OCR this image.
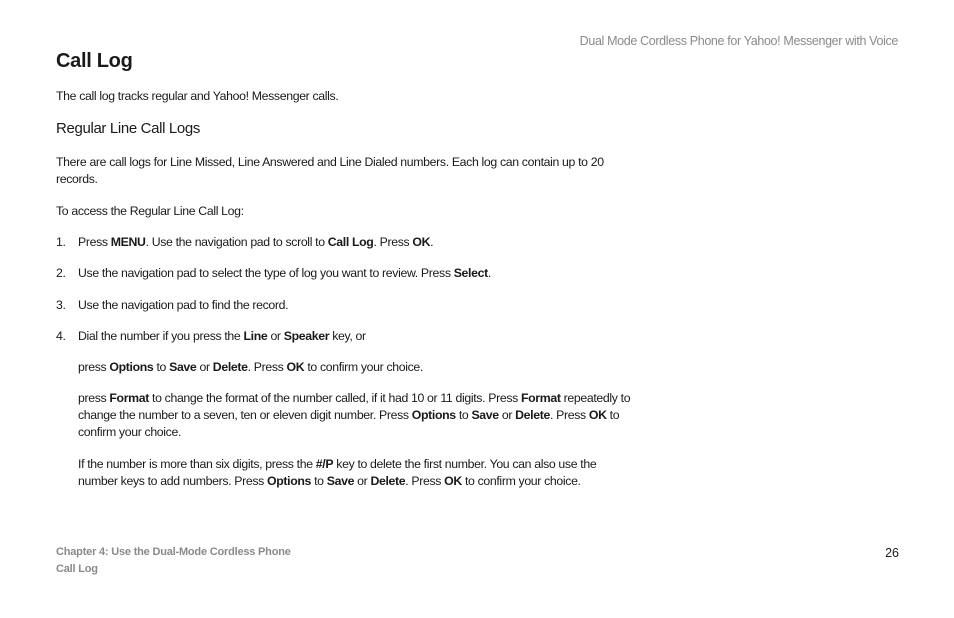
Dual Mode Cordless Phone for Yahoo! Messenger with Voice
Call Log

The call log tracks regular and Yahoo! Messenger calls.

Regular Line Call Logs

There are call logs for Line Missed, Line Answered and Line Dialed numbers. Each log can contain up to 20 records.

To access the Regular Line Call Log:

1. Press MENU. Use the navigation pad to scroll to Call Log. Press OK.
2. Use the navigation pad to select the type of log you want to review. Press Select.
3. Use the navigation pad to find the record.
4. Dial the number if you press the Line or Speaker key, or

press Options to Save or Delete. Press OK to confirm your choice.

press Format to change the format of the number called, if it had 10 or 11 digits. Press Format repeatedly to change the number to a seven, ten or eleven digit number. Press Options to Save or Delete. Press OK to confirm your choice.

If the number is more than six digits, press the #/P key to delete the first number. You can also use the number keys to add numbers. Press Options to Save or Delete. Press OK to confirm your choice.

Chapter 4: Use the Dual-Mode Cordless Phone
Call Log
26
